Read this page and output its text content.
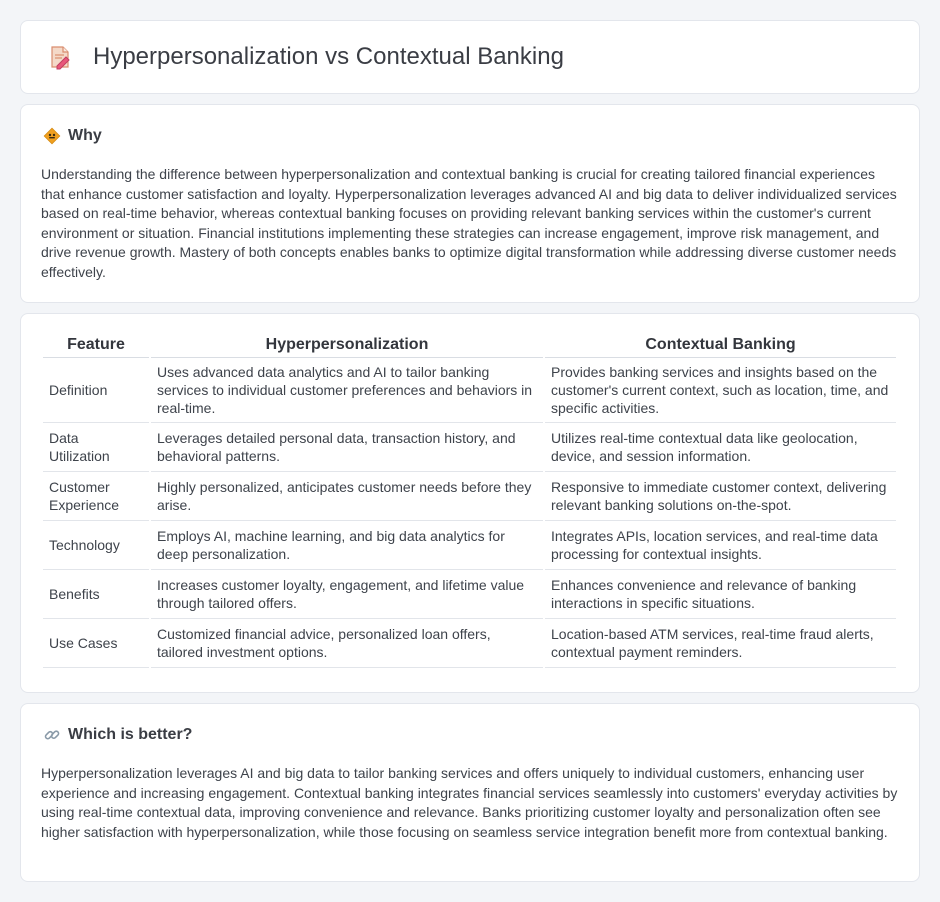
Hyperpersonalization vs Contextual Banking
Why

Understanding the difference between hyperpersonalization and contextual banking is crucial for creating tailored financial experiences that enhance customer satisfaction and loyalty. Hyperpersonalization leverages advanced AI and big data to deliver individualized services based on real-time behavior, whereas contextual banking focuses on providing relevant banking services within the customer's current environment or situation. Financial institutions implementing these strategies can increase engagement, improve risk management, and drive revenue growth. Mastery of both concepts enables banks to optimize digital transformation while addressing diverse customer needs effectively.

Feature	Hyperpersonalization	Contextual Banking
Definition	Uses advanced data analytics and AI to tailor banking services to individual customer preferences and behaviors in real-time.	Provides banking services and insights based on the customer's current context, such as location, time, and specific activities.
Data Utilization	Leverages detailed personal data, transaction history, and behavioral patterns.	Utilizes real-time contextual data like geolocation, device, and session information.
Customer Experience	Highly personalized, anticipates customer needs before they arise.	Responsive to immediate customer context, delivering relevant banking solutions on-the-spot.
Technology	Employs AI, machine learning, and big data analytics for deep personalization.	Integrates APIs, location services, and real-time data processing for contextual insights.
Benefits	Increases customer loyalty, engagement, and lifetime value through tailored offers.	Enhances convenience and relevance of banking interactions in specific situations.
Use Cases	Customized financial advice, personalized loan offers, tailored investment options.	Location-based ATM services, real-time fraud alerts, contextual payment reminders.
Which is better?

Hyperpersonalization leverages AI and big data to tailor banking services and offers uniquely to individual customers, enhancing user experience and increasing engagement. Contextual banking integrates financial services seamlessly into customers' everyday activities by using real-time contextual data, improving convenience and relevance. Banks prioritizing customer loyalty and personalization often see higher satisfaction with hyperpersonalization, while those focusing on seamless service integration benefit more from contextual banking.
